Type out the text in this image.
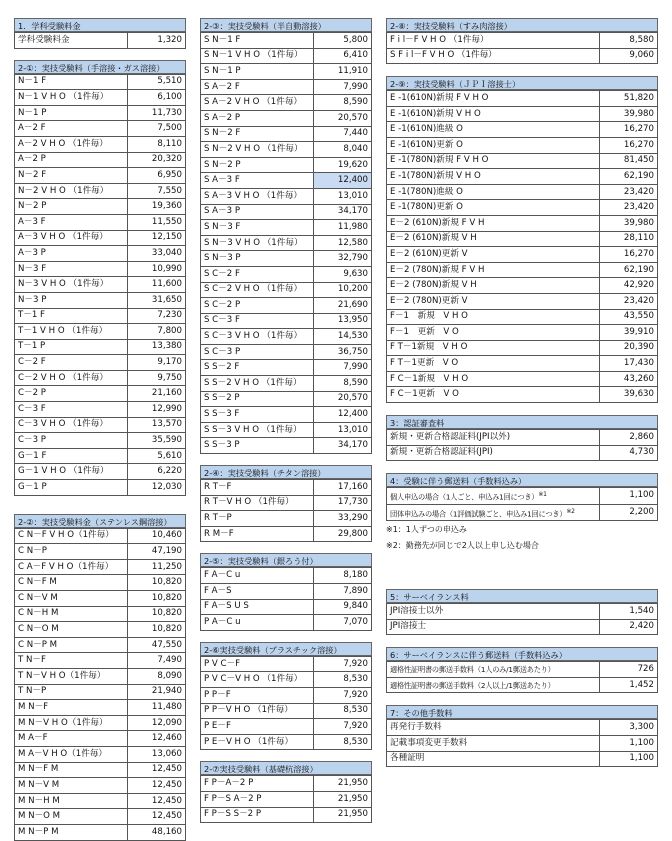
1．学科受験料金
学科受験料金	1,320
2-①：実技受験料（手溶接・ガス溶接）
N－1 F	5,510
N－1 V H O （1件毎）	6,100
N－1 P	11,730
A－2 F	7,500
A－2 V H O （1件毎）	8,110
A－2 P	20,320
N－2 F	6,950
N－2 V H O （1件毎）	7,550
N－2 P	19,360
A－3 F	11,550
A－3 V H O （1件毎）	12,150
A－3 P	33,040
N－3 F	10,990
N－3 V H O （1件毎）	11,600
N－3 P	31,650
T－1 F	7,230
T－1 V H O （1件毎）	7,800
T－1 P	13,380
C－2 F	9,170
C－2 V H O （1件毎）	9,750
C－2 P	21,160
C－3 F	12,990
C－3 V H O （1件毎）	13,570
C－3 P	35,590
G－1 F	5,610
G－1 V H O （1件毎）	6,220
G－1 P	12,030
2-②：実技受験料金（ステンレス鋼溶接）
C N－F V H O（1件毎）	10,460
C N－P	47,190
C A－F V H O（1件毎）	11,250
C N－F M	10,820
C N－V M	10,820
C N－H M	10,820
C N－O M	10,820
C N－P M	47,550
T N－F	7,490
T N－V H O（1件毎）	8,090
T N－P	21,940
M N－F	11,480
M N－V H O（1件毎）	12,090
M A－F	12,460
M A－V H O（1件毎）	13,060
M N－F M	12,450
M N－V M	12,450
M N－H M	12,450
M N－O M	12,450
M N－P M	48,160
2-③：実技受験料（半自動溶接）
S N－1 F	5,800
S N－1 V H O （1件毎）	6,410
S N－1 P	11,910
S A－2 F	7,990
S A－2 V H O （1件毎）	8,590
S A－2 P	20,570
S N－2 F	7,440
S N－2 V H O （1件毎）	8,040
S N－2 P	19,620
S A－3 F	12,400
S A－3 V H O （1件毎）	13,010
S A－3 P	34,170
S N－3 F	11,980
S N－3 V H O （1件毎）	12,580
S N－3 P	32,790
S C－2 F	9,630
S C－2 V H O （1件毎）	10,200
S C－2 P	21,690
S C－3 F	13,950
S C－3 V H O （1件毎）	14,530
S C－3 P	36,750
S S－2 F	7,990
S S－2 V H O （1件毎）	8,590
S S－2 P	20,570
S S－3 F	12,400
S S－3 V H O （1件毎）	13,010
S S－3 P	34,170
2-④：実技受験料（チタン溶接）
R T－F	17,160
R T－V H O （1件毎）	17,730
R T－P	33,290
R M－F	29,800
2-⑤：実技受験料（銀ろう付）
F A－C u	8,180
F A－S	7,890
F A－S U S	9,840
P A－C u	7,070
2-⑥実技受験料（プラスチック溶接）
P V C－F	7,920
P V C－V H O （1件毎）	8,530
P P－F	7,920
P P－V H O （1件毎）	8,530
P E－F	7,920
P E－V H O （1件毎）	8,530
2-⑦実技受験料（基礎杭溶接）
F P－A－2 P	21,950
F P－S A－2 P	21,950
F P－S S－2 P	21,950
2-⑧：実技受験料（すみ肉溶接）
F i l－F V H O （1件毎）	8,580
S F i l－F V H O （1件毎）	9,060
2-⑨：実技受験料（ＪＰＩ溶接士）
E -1(610N)新規 F V H O	51,820
E -1(610N)新規 V H O	39,980
E -1(610N)進級 O	16,270
E -1(610N)更新 O	16,270
E -1(780N)新規 F V H O	81,450
E -1(780N)新規 V H O	62,190
E -1(780N)進級 O	23,420
E -1(780N)更新 O	23,420
E－2 (610N)新規 F V H	39,980
E－2 (610N)新規 V H	28,110
E－2 (610N)更新 V	16,270
E－2 (780N)新規 F V H	62,190
E－2 (780N)新規 V H	42,920
E－2 (780N)更新 V	23,420
F－1　新規　V H O	43,550
F－1　更新　V O	39,910
F T－1新規　V H O	20,390
F T－1更新　V O	17,430
F C－1新規　V H O	43,260
F C－1更新　V O	39,630
3：認証審査料
新規・更新合格認証料(JPI以外)	2,860
新規・更新合格認証料(JPI)	4,730
4：受験に伴う郵送料（手数料込み）
個人申込の場合（1人ごと、申込み1回につき）$^{※1}$	1,100
団体申込みの場合（1評価試験ごと、申込み1回につき）$^{※2}$	2,200
※1：1人ずつの申込み
※2：勤務先が同じで2人以上申し込む場合
5：サーベイランス料
JPI溶接士以外	1,540
JPI溶接士	2,420
6：サーベイランスに伴う郵送料（手数料込み）
適格性証明書の郵送手数料（1人のみ/1郵送あたり）	726
適格性証明書の郵送手数料（2人以上/1郵送あたり）	1,452
7：その他手数料
再発行手数料	3,300
記載事項変更手数料	1,100
各種証明	1,100
